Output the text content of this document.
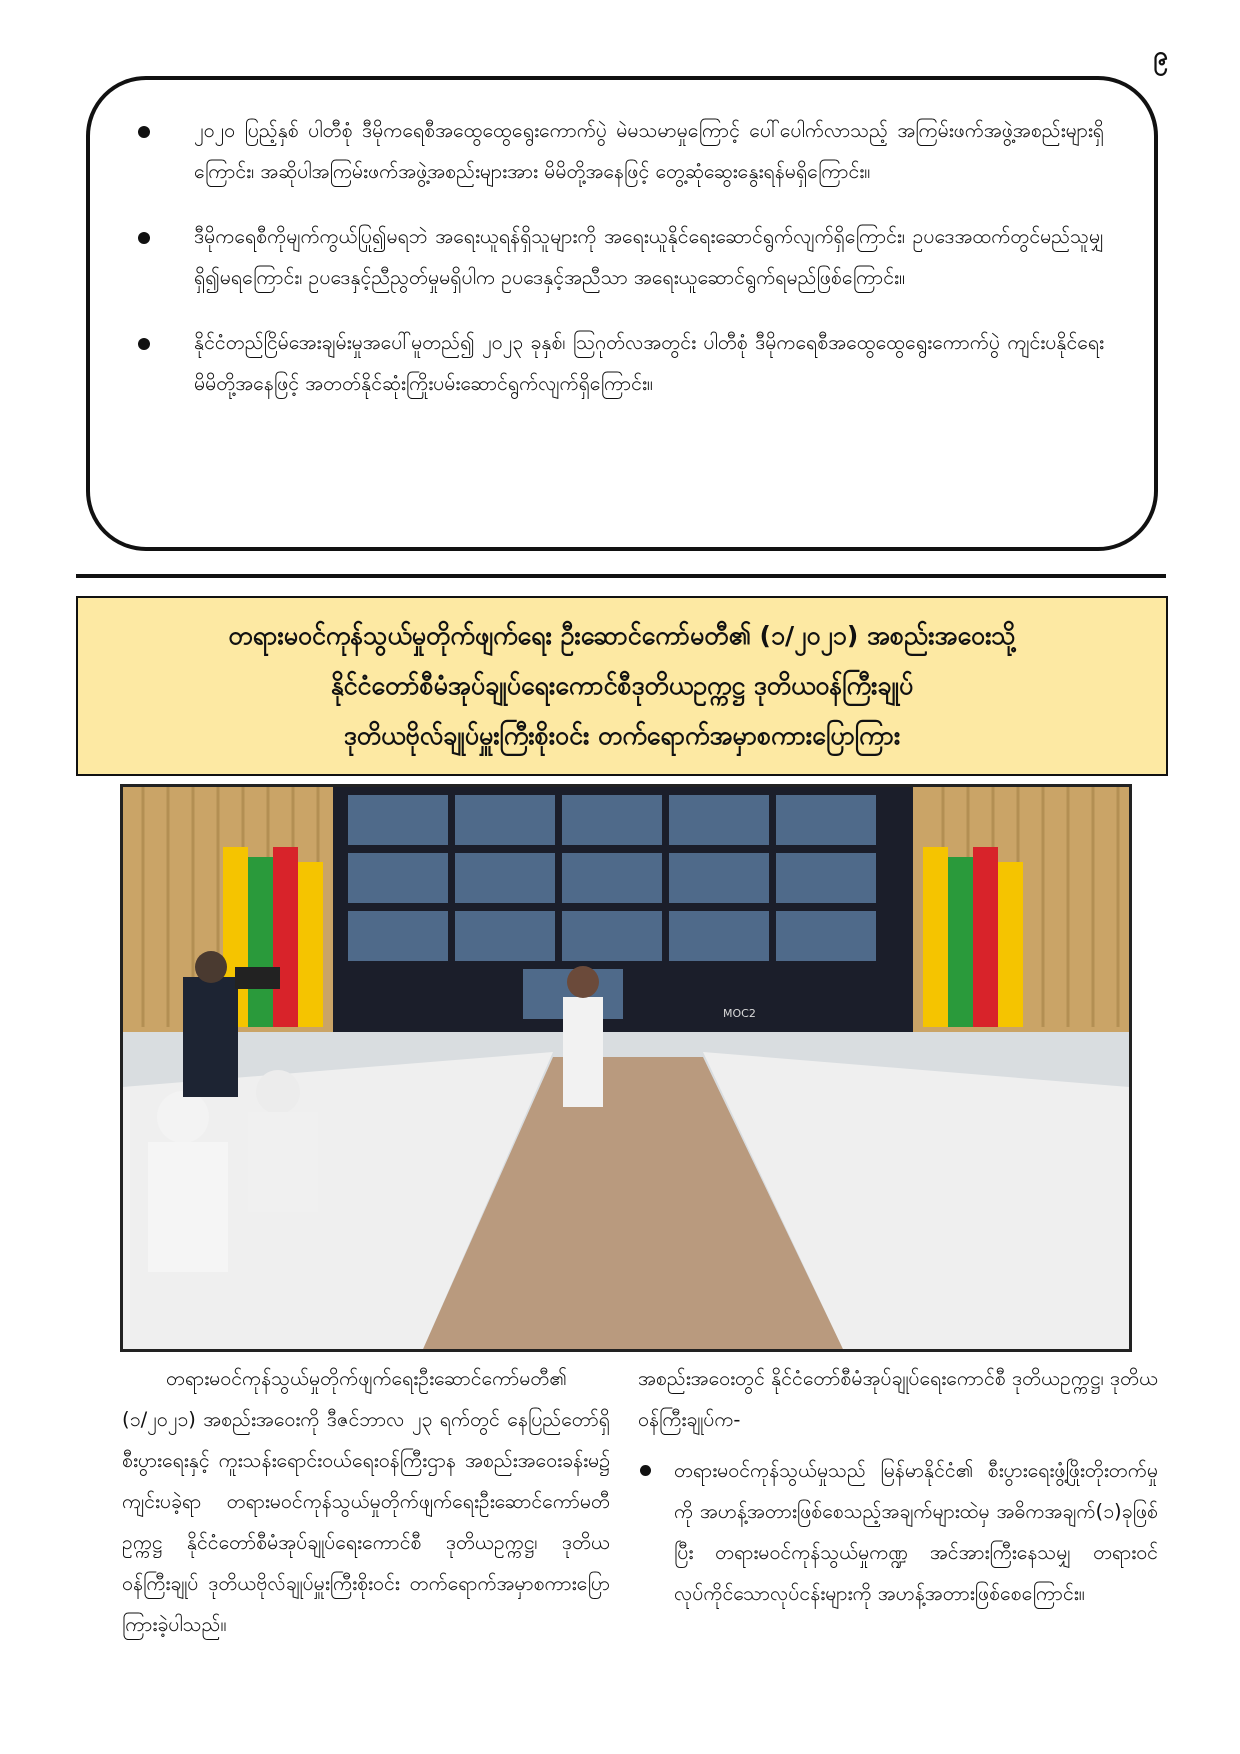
၉
၂၀၂၀ ပြည့်နှစ် ပါတီစုံ ဒီမိုကရေစီအထွေထွေရွေးကောက်ပွဲ မဲမသမာမှုကြောင့် ပေါ်ပေါက်လာသည့် အကြမ်းဖက်အဖွဲ့အစည်းများရှိကြောင်း၊ အဆိုပါအကြမ်းဖက်အဖွဲ့အစည်းများအား မိမိတို့အနေဖြင့် တွေ့ဆုံဆွေးနွေးရန်မရှိကြောင်း။
ဒီမိုကရေစီကိုမျက်ကွယ်ပြု၍မရဘဲ အရေးယူရန်ရှိသူများကို အရေးယူနိုင်ရေးဆောင်ရွက်လျက်ရှိကြောင်း၊ ဥပဒေအထက်တွင်မည်သူမျှရှိ၍မရကြောင်း၊ ဥပဒေနှင့်ညီညွတ်မှုမရှိပါက ဥပဒေနှင့်အညီသာ အရေးယူဆောင်ရွက်ရမည်ဖြစ်ကြောင်း။
နိုင်ငံတည်ငြိမ်အေးချမ်းမှုအပေါ်မူတည်၍ ၂၀၂၃ ခုနှစ်၊ ဩဂုတ်လအတွင်း ပါတီစုံ ဒီမိုကရေစီအထွေထွေရွေးကောက်ပွဲ ကျင်းပနိုင်ရေး မိမိတို့အနေဖြင့် အတတ်နိုင်ဆုံးကြိုးပမ်းဆောင်ရွက်လျက်ရှိကြောင်း။
တရားမဝင်ကုန်သွယ်မှုတိုက်ဖျက်ရေး ဦးဆောင်ကော်မတီ၏ (၁/၂၀၂၁) အစည်းအဝေးသို့
နိုင်ငံတော်စီမံအုပ်ချုပ်ရေးကောင်စီဒုတိယဥက္ကဋ္ဌ ဒုတိယဝန်ကြီးချုပ်
ဒုတိယဗိုလ်ချုပ်မှူးကြီးစိုးဝင်း တက်ရောက်အမှာစကားပြောကြား
MOC2

တရားမဝင်ကုန်သွယ်မှုတိုက်ဖျက်ရေးဦးဆောင်ကော်မတီ၏ (၁/၂၀၂၁) အစည်းအဝေးကို ဒီဇင်ဘာလ ၂၃ ရက်တွင် နေပြည်တော်ရှိစီးပွားရေးနှင့် ကူးသန်းရောင်းဝယ်ရေးဝန်ကြီးဌာန အစည်းအဝေးခန်းမ၌ ကျင်းပခဲ့ရာ တရားမဝင်ကုန်သွယ်မှုတိုက်ဖျက်ရေးဦးဆောင်ကော်မတီဥက္ကဋ္ဌ နိုင်ငံတော်စီမံအုပ်ချုပ်ရေးကောင်စီ ဒုတိယဥက္ကဋ္ဌ၊ ဒုတိယဝန်ကြီးချုပ် ဒုတိယဗိုလ်ချုပ်မှူးကြီးစိုးဝင်း တက်ရောက်အမှာစကားပြောကြားခဲ့ပါသည်။

အစည်းအဝေးတွင် နိုင်ငံတော်စီမံအုပ်ချုပ်ရေးကောင်စီ ဒုတိယဥက္ကဋ္ဌ၊ ဒုတိယဝန်ကြီးချုပ်က-

တရားမဝင်ကုန်သွယ်မှုသည် မြန်မာနိုင်ငံ၏ စီးပွားရေးဖွံ့ဖြိုးတိုးတက်မှုကို အဟန့်အတားဖြစ်စေသည့်အချက်များထဲမှ အဓိကအချက်(၁)ခုဖြစ်ပြီး တရားမဝင်ကုန်သွယ်မှုကဏ္ဍ အင်အားကြီးနေသမျှ တရားဝင်လုပ်ကိုင်သောလုပ်ငန်းများကို အဟန့်အတားဖြစ်စေကြောင်း။
